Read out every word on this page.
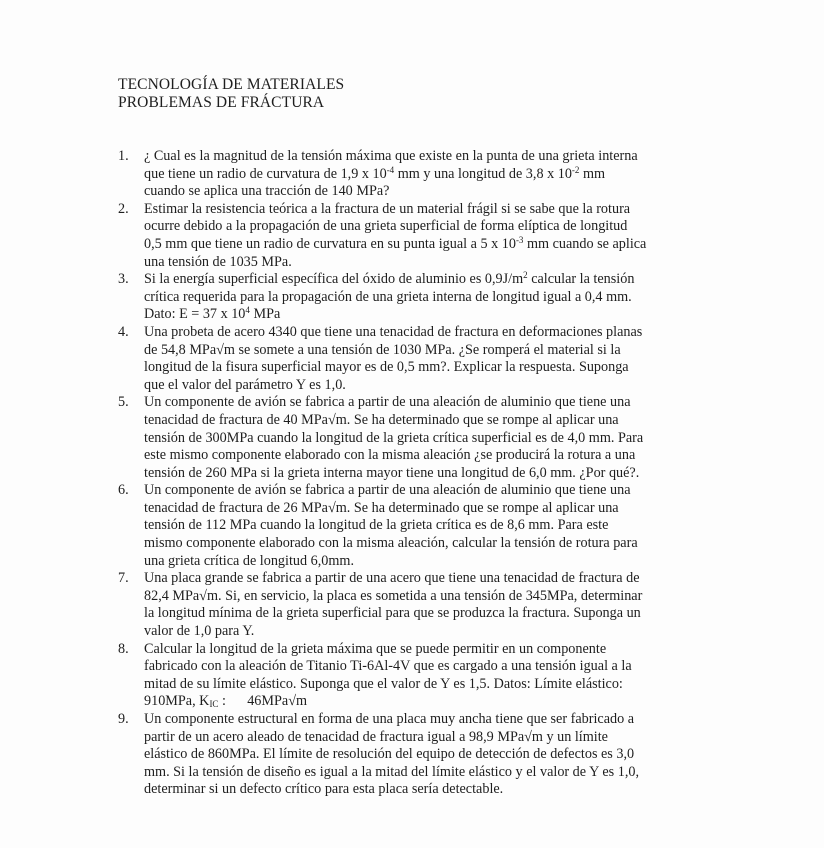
TECNOLOGÍA DE MATERIALES
PROBLEMAS DE FRÁCTURA
1. ¿ Cual es la magnitud de la tensión máxima que existe en la punta de una grieta interna que tiene un radio de curvatura de 1,9 x $10^{-4}$ mm y una longitud de 3,8 x $10^{-2}$ mm cuando se aplica una tracción de 140 MPa?
2. Estimar la resistencia teórica a la fractura de un material frágil si se sabe que la rotura ocurre debido a la propagación de una grieta superficial de forma elíptica de longitud 0,5 mm que tiene un radio de curvatura en su punta igual a 5 x $10^{-3}$ mm cuando se aplica una tensión de 1035 MPa.
3. Si la energía superficial específica del óxido de aluminio es $0,9J/m^2$ calcular la tensión crítica requerida para la propagación de una grieta interna de longitud igual a 0,4 mm. Dato: E = 37 x $10^4$ MPa
4. Una probeta de acero 4340 que tiene una tenacidad de fractura en deformaciones planas de 54,8 MPa√m se somete a una tensión de 1030 MPa. ¿Se romperá el material si la longitud de la fisura superficial mayor es de 0,5 mm?. Explicar la respuesta. Suponga que el valor del parámetro Y es 1,0.
5. Un componente de avión se fabrica a partir de una aleación de aluminio que tiene una tenacidad de fractura de 40 MPa√m. Se ha determinado que se rompe al aplicar una tensión de 300MPa cuando la longitud de la grieta crítica superficial es de 4,0 mm. Para este mismo componente elaborado con la misma aleación ¿se producirá la rotura a una tensión de 260 MPa si la grieta interna mayor tiene una longitud de 6,0 mm. ¿Por qué?.
6. Un componente de avión se fabrica a partir de una aleación de aluminio que tiene una tenacidad de fractura de 26 MPa√m. Se ha determinado que se rompe al aplicar una tensión de 112 MPa cuando la longitud de la grieta crítica es de 8,6 mm. Para este mismo componente elaborado con la misma aleación, calcular la tensión de rotura para una grieta crítica de longitud 6,0mm.
7. Una placa grande se fabrica a partir de una acero que tiene una tenacidad de fractura de 82,4 MPa√m. Si, en servicio, la placa es sometida a una tensión de 345MPa, determinar la longitud mínima de la grieta superficial para que se produzca la fractura. Suponga un valor de 1,0 para Y.
8. Calcular la longitud de la grieta máxima que se puede permitir en un componente fabricado con la aleación de Titanio Ti-6Al-4V que es cargado a una tensión igual a la mitad de su límite elástico. Suponga que el valor de Y es 1,5. Datos: Límite elástico: 910MPa, $K_{IC}$ :      46MPa√m
9. Un componente estructural en forma de una placa muy ancha tiene que ser fabricado a partir de un acero aleado de tenacidad de fractura igual a 98,9 MPa√m y un límite elástico de 860MPa. El límite de resolución del equipo de detección de defectos es 3,0 mm. Si la tensión de diseño es igual a la mitad del límite elástico y el valor de Y es 1,0, determinar si un defecto crítico para esta placa sería detectable.
